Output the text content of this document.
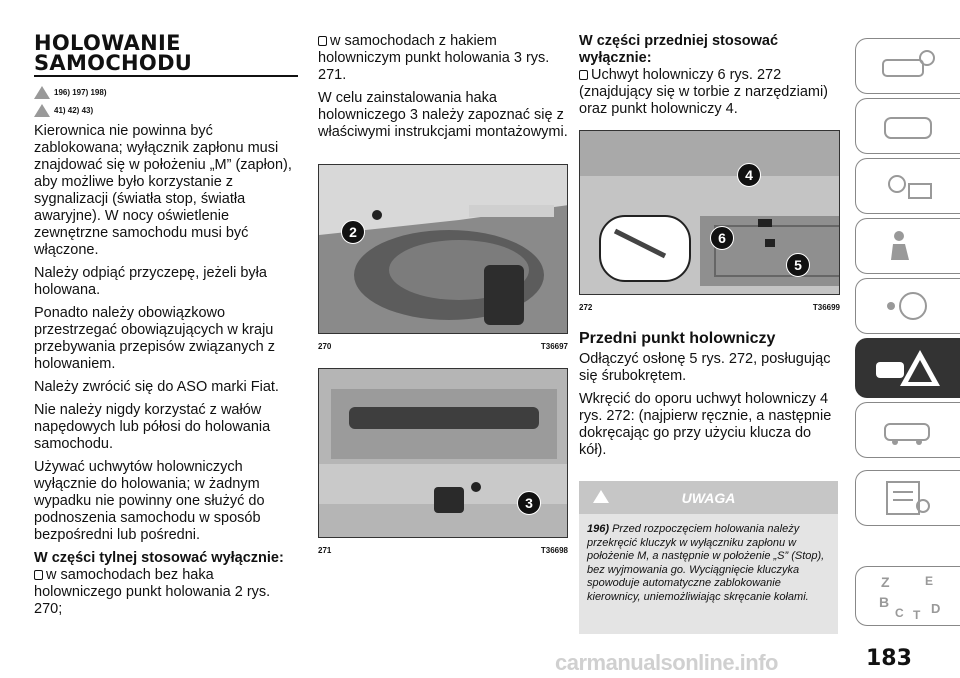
HOLOWANIE
SAMOCHODU
196) 197) 198)
41) 42) 43)

Kierownica nie powinna być zablokowana; wyłącznik zapłonu musi znajdować się w położeniu „M” (zapłon), aby możliwe było korzystanie z sygnalizacji (światła stop, światła awaryjne). W nocy oświetlenie zewnętrzne samochodu musi być włączone.

Należy odpiąć przyczepę, jeżeli była holowana.

Ponadto należy obowiązkowo przestrzegać obowiązujących w kraju przebywania przepisów związanych z holowaniem.

Należy zwrócić się do ASO marki Fiat.

Nie należy nigdy korzystać z wałów napędowych lub półosi do holowania samochodu.

Używać uchwytów holowniczych wyłącznie do holowania; w żadnym wypadku nie powinny one służyć do podnoszenia samochodu w sposób bezpośredni lub pośredni.

W części tylnej stosować wyłącznie:

w samochodach bez haka holowniczego punkt holowania 2 rys. 270;

w samochodach z hakiem holowniczym punkt holowania 3 rys. 271.

W celu zainstalowania haka holowniczego 3 należy zapoznać się z właściwymi instrukcjami montażowymi.

2
270	T36697
3
271	T36698

W części przedniej stosować wyłącznie:

Uchwyt holowniczy 6 rys. 272 (znajdujący się w torbie z narzędziami) oraz punkt holowniczy 4.

4
6
5
272	T36699

Przedni punkt holowniczy

Odłączyć osłonę 5 rys. 272, posługując się śrubokrętem.

Wkręcić do oporu uchwyt holowniczy 4 rys. 272: (najpierw ręcznie, a następnie dokręcając go przy użyciu klucza do kół).

UWAGA
196) Przed rozpoczęciem holowania należy przekręcić kluczyk w wyłączniku zapłonu w położenie M, a następnie w położenie „S” (Stop), bez wyjmowania go. Wyciągnięcie kluczyka spowoduje automatyczne zablokowanie kierownicy, uniemożliwiając skręcanie kołami.
Z	E
B
C T D
carmanualsonline.info	183
